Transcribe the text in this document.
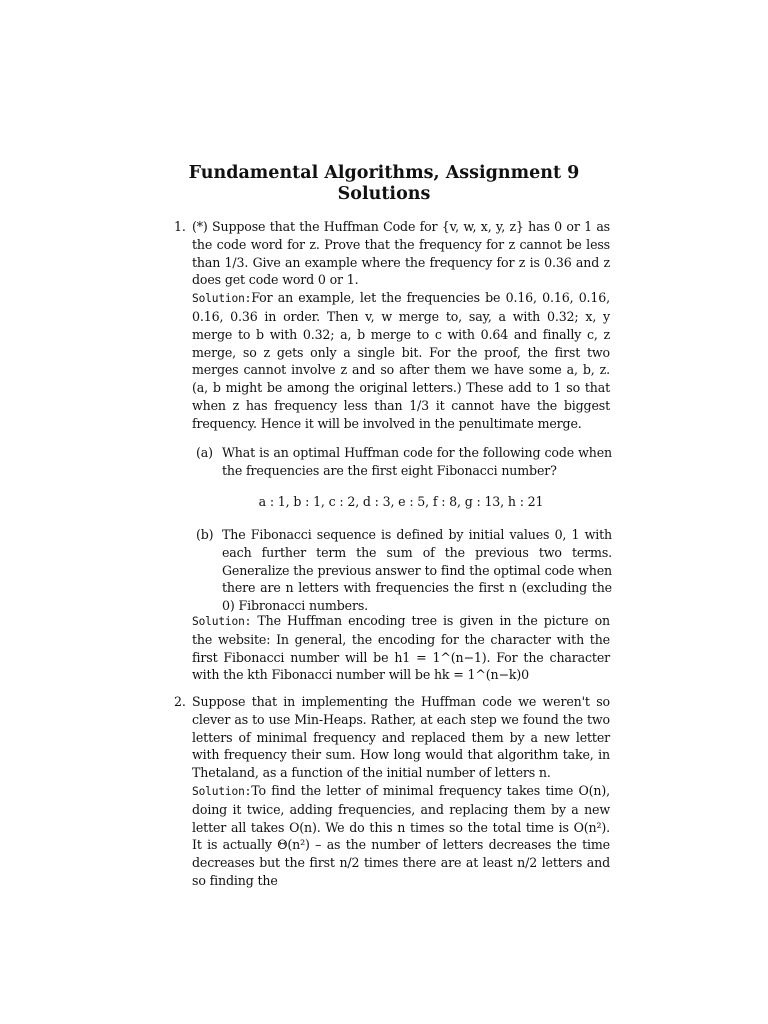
Fundamental Algorithms, Assignment 9
Solutions
1. (*) Suppose that the Huffman Code for {v, w, x, y, z} has 0 or 1 as the code word for z. Prove that the frequency for z cannot be less than 1/3. Give an example where the frequency for z is 0.36 and z does get code word 0 or 1.

Solution:For an example, let the frequencies be 0.16, 0.16, 0.16, 0.16, 0.36 in order. Then v, w merge to, say, a with 0.32; x, y merge to b with 0.32; a, b merge to c with 0.64 and finally c, z merge, so z gets only a single bit. For the proof, the first two merges cannot involve z and so after them we have some a, b, z. (a, b might be among the original letters.) These add to 1 so that when z has frequency less than 1/3 it cannot have the biggest frequency. Hence it will be involved in the penultimate merge.

(a) What is an optimal Huffman code for the following code when the frequencies are the first eight Fibonacci number?

a : 1, b : 1, c : 2, d : 3, e : 5, f : 8, g : 13, h : 21
(b) The Fibonacci sequence is defined by initial values 0, 1 with each further term the sum of the previous two terms. Generalize the previous answer to find the optimal code when there are n letters with frequencies the first n (excluding the 0) Fibronacci numbers.

Solution: The Huffman encoding tree is given in the picture on the website: In general, the encoding for the character with the first Fibonacci number will be h1 = 1^(n−1). For the character with the kth Fibonacci number will be hk = 1^(n−k)0

2. Suppose that in implementing the Huffman code we weren't so clever as to use Min-Heaps. Rather, at each step we found the two letters of minimal frequency and replaced them by a new letter with frequency their sum. How long would that algorithm take, in Thetaland, as a function of the initial number of letters n.

Solution:To find the letter of minimal frequency takes time O(n), doing it twice, adding frequencies, and replacing them by a new letter all takes O(n). We do this n times so the total time is O(n²). It is actually Θ(n²) – as the number of letters decreases the time decreases but the first n/2 times there are at least n/2 letters and so finding the
